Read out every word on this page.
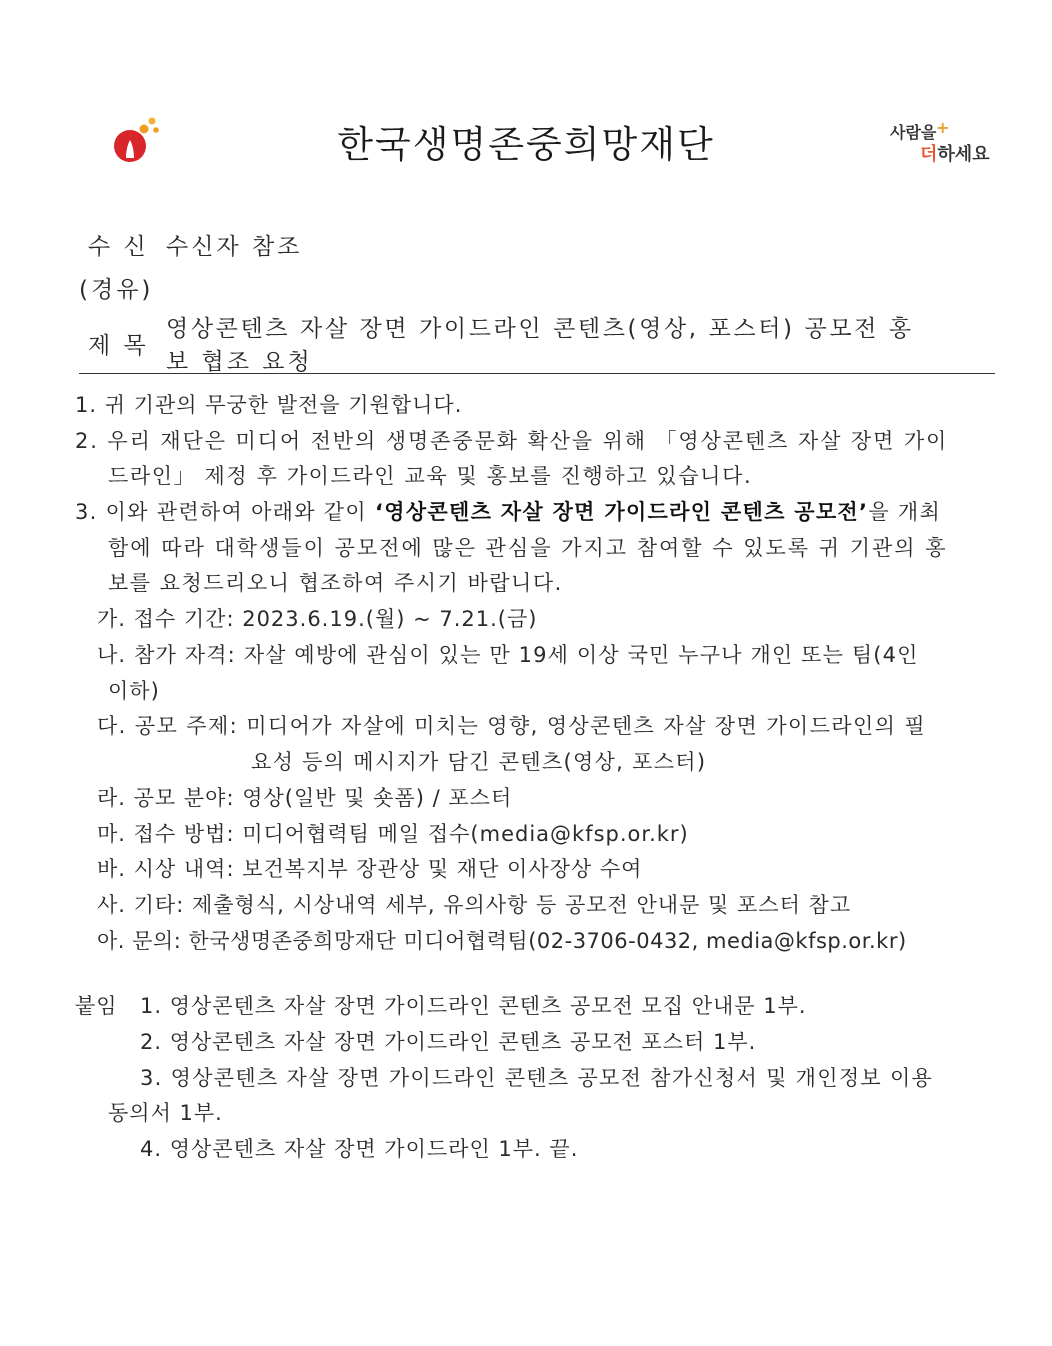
한국생명존중희망재단	사람을 +
더하세요
수 신 수신자 참조
(경유)
제 목
영상콘텐츠 자살 장면 가이드라인 콘텐츠(영상, 포스터) 공모전 홍
보 협조 요청
1. 귀 기관의 무궁한 발전을 기원합니다.
2. 우리 재단은 미디어 전반의 생명존중문화 확산을 위해 「영상콘텐츠 자살 장면 가이
드라인」 제정 후 가이드라인 교육 및 홍보를 진행하고 있습니다.
3. 이와 관련하여 아래와 같이 ‘영상콘텐츠 자살 장면 가이드라인 콘텐츠 공모전’을 개최
함에 따라 대학생들이 공모전에 많은 관심을 가지고 참여할 수 있도록 귀 기관의 홍
보를 요청드리오니 협조하여 주시기 바랍니다.
가. 접수 기간: 2023.6.19.(월) ~ 7.21.(금)
나. 참가 자격: 자살 예방에 관심이 있는 만 19세 이상 국민 누구나 개인 또는 팀(4인
이하)
다. 공모 주제: 미디어가 자살에 미치는 영향, 영상콘텐츠 자살 장면 가이드라인의 필
요성 등의 메시지가 담긴 콘텐츠(영상, 포스터)
라. 공모 분야: 영상(일반 및 숏폼) / 포스터
마. 접수 방법: 미디어협력팀 메일 접수(media@kfsp.or.kr)
바. 시상 내역: 보건복지부 장관상 및 재단 이사장상 수여
사. 기타: 제출형식, 시상내역 세부, 유의사항 등 공모전 안내문 및 포스터 참고
아. 문의: 한국생명존중희망재단 미디어협력팀(02-3706-0432, media@kfsp.or.kr)
붙임 1. 영상콘텐츠 자살 장면 가이드라인 콘텐츠 공모전 모집 안내문 1부.
2. 영상콘텐츠 자살 장면 가이드라인 콘텐츠 공모전 포스터 1부.
3. 영상콘텐츠 자살 장면 가이드라인 콘텐츠 공모전 참가신청서 및 개인정보 이용
동의서 1부.
4. 영상콘텐츠 자살 장면 가이드라인 1부. 끝.
